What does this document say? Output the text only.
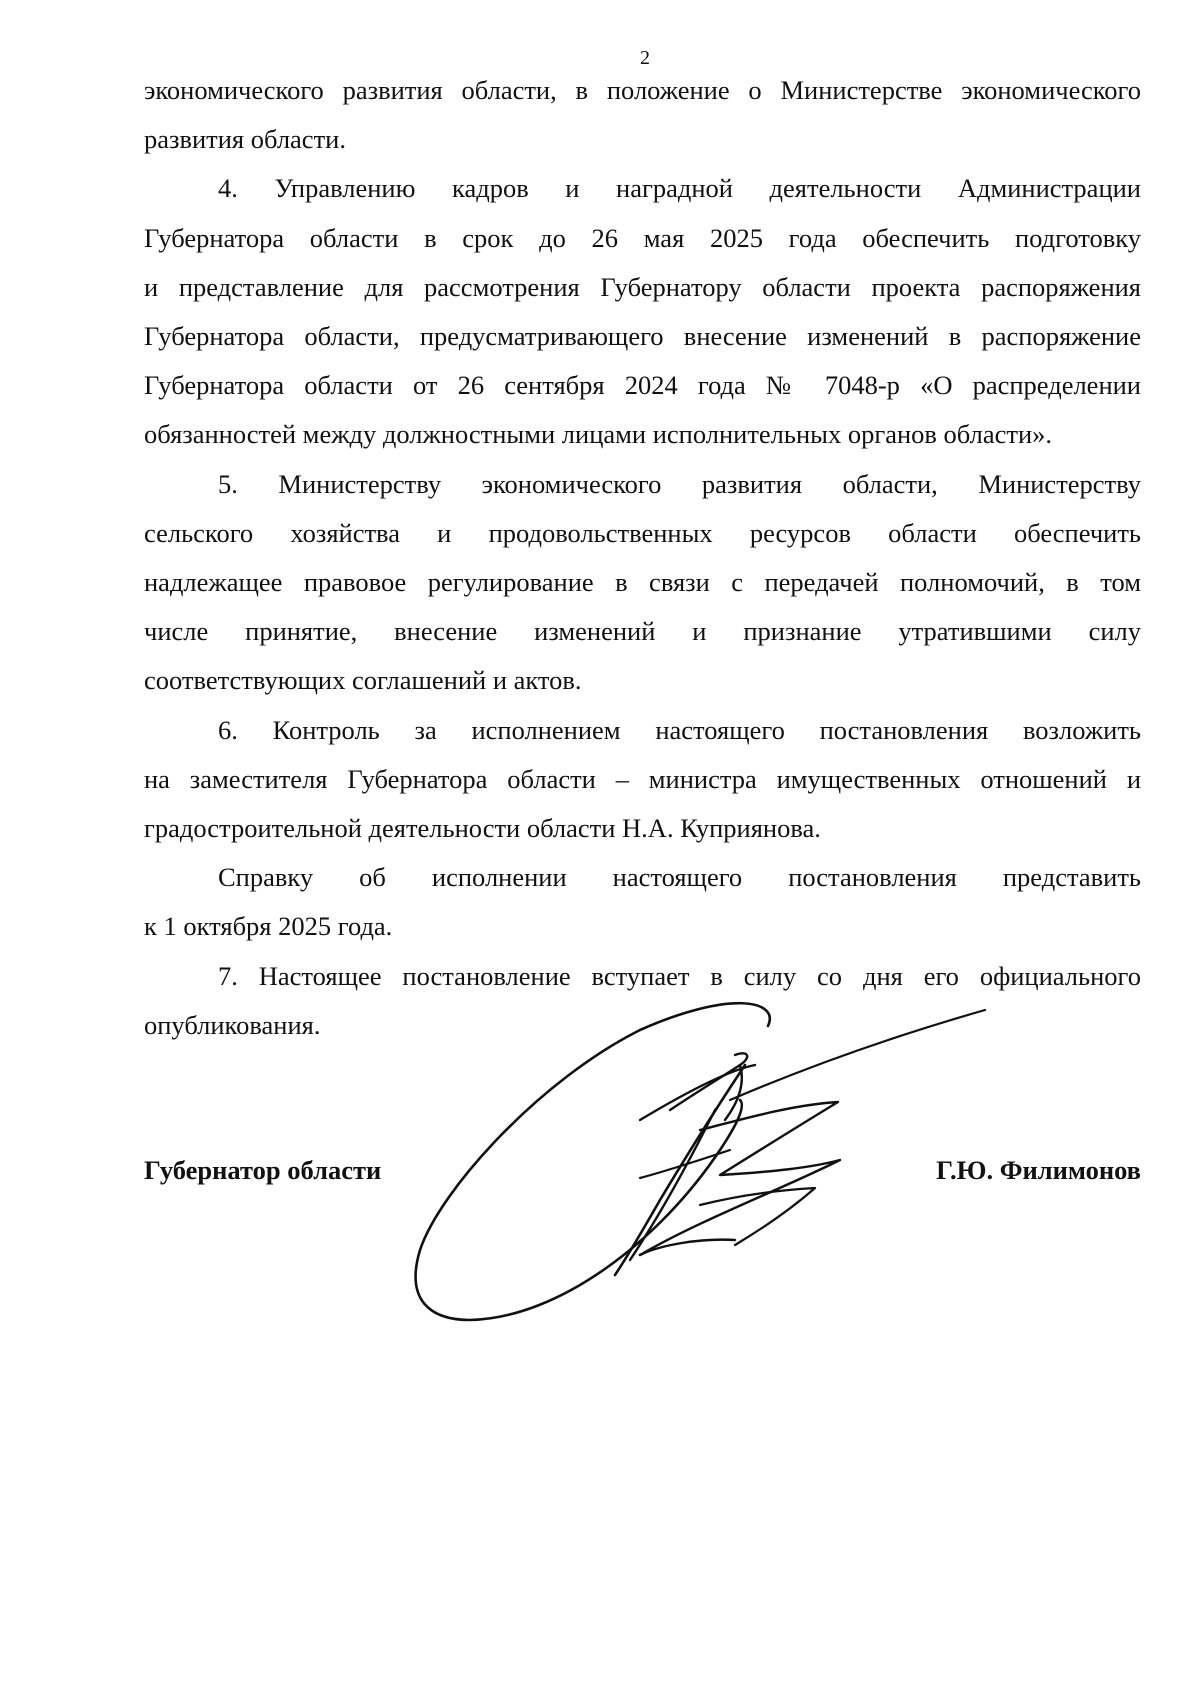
2

экономического развития области, в положение о Министерстве экономического

развития области.

4. Управлению кадров и наградной деятельности Администрации

Губернатора области в срок до 26 мая 2025 года обеспечить подготовку

и представление для рассмотрения Губернатору области проекта распоряжения

Губернатора области, предусматривающего внесение изменений в распоряжение

Губернатора области от 26 сентября 2024 года № 7048-р «О распределении

обязанностей между должностными лицами исполнительных органов области».

5. Министерству экономического развития области, Министерству

сельского хозяйства и продовольственных ресурсов области обеспечить

надлежащее правовое регулирование в связи с передачей полномочий, в том

числе принятие, внесение изменений и признание утратившими силу

соответствующих соглашений и актов.

6. Контроль за исполнением настоящего постановления возложить

на заместителя Губернатора области – министра имущественных отношений и

градостроительной деятельности области Н.А. Куприянова.

Справку об исполнении настоящего постановления представить

к 1 октября 2025 года.

7. Настоящее постановление вступает в силу со дня его официального

опубликования.

Губернатор области	Г.Ю. Филимонов
